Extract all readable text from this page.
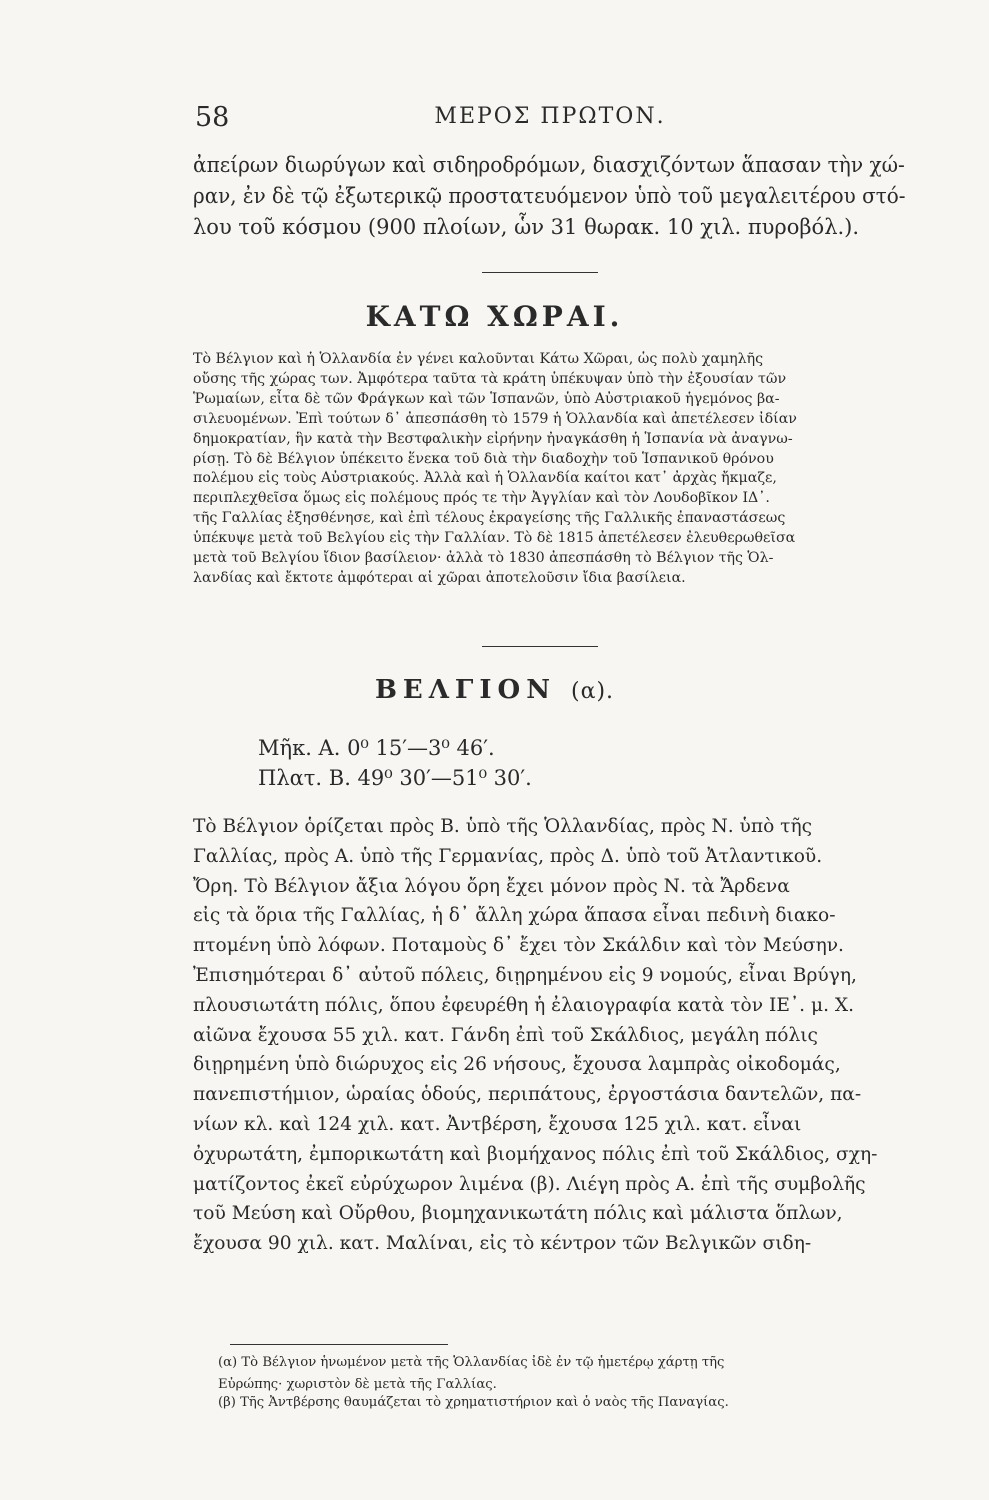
58	ΜΕΡΟΣ ΠΡΩΤΟΝ.
ἀπείρων διωρύγων καὶ σιδηροδρόμων, διασχιζόντων ἅπασαν τὴν χώ-
ραν, ἐν δὲ τῷ ἐξωτερικῷ προστατευόμενον ὑπὸ τοῦ μεγαλειτέρου στό-
λου τοῦ κόσμου (900 πλοίων, ὧν 31 θωρακ. 10 χιλ. πυροβόλ.).
ΚΑΤΩ ΧΩΡΑΙ.
Τὸ Βέλγιον καὶ ἡ Ὁλλανδία ἐν γένει καλοῦνται Κάτω Χῶραι, ὡς πολὺ χαμηλῆς
οὔσης τῆς χώρας των. Ἀμφότερα ταῦτα τὰ κράτη ὑπέκυψαν ὑπὸ τὴν ἐξουσίαν τῶν
Ῥωμαίων, εἶτα δὲ τῶν Φράγκων καὶ τῶν Ἱσπανῶν, ὑπὸ Αὐστριακοῦ ἡγεμόνος βα-
σιλευομένων. Ἐπὶ τούτων δ᾽ ἀπεσπάσθη τὸ 1579 ἡ Ὁλλανδία καὶ ἀπετέλεσεν ἰδίαν
δημοκρατίαν, ἣν κατὰ τὴν Βεστφαλικὴν εἰρήνην ἠναγκάσθη ἡ Ἱσπανία νὰ ἀναγνω-
ρίσῃ. Τὸ δὲ Βέλγιον ὑπέκειτο ἕνεκα τοῦ διὰ τὴν διαδοχὴν τοῦ Ἱσπανικοῦ θρόνου
πολέμου εἰς τοὺς Αὐστριακούς. Ἀλλὰ καὶ ἡ Ὁλλανδία καίτοι κατ᾽ ἀρχὰς ἤκμαζε,
περιπλεχθεῖσα ὅμως εἰς πολέμους πρός τε τὴν Ἀγγλίαν καὶ τὸν Λουδοβῖκον ΙΔ᾽.
τῆς Γαλλίας ἐξησθένησε, καὶ ἐπὶ τέλους ἐκραγείσης τῆς Γαλλικῆς ἐπαναστάσεως
ὑπέκυψε μετὰ τοῦ Βελγίου εἰς τὴν Γαλλίαν. Τὸ δὲ 1815 ἀπετέλεσεν ἐλευθερωθεῖσα
μετὰ τοῦ Βελγίου ἴδιον βασίλειον· ἀλλὰ τὸ 1830 ἀπεσπάσθη τὸ Βέλγιον τῆς Ὁλ-
λανδίας καὶ ἔκτοτε ἀμφότεραι αἱ χῶραι ἀποτελοῦσιν ἴδια βασίλεια.
ΒΕΛΓΙΟΝ (α).
Μῆκ. Α. 0⁰ 15′—3⁰ 46′.
Πλατ. Β. 49⁰ 30′—51⁰ 30′.
Τὸ Βέλγιον ὁρίζεται πρὸς Β. ὑπὸ τῆς Ὁλλανδίας, πρὸς Ν. ὑπὸ τῆς
Γαλλίας, πρὸς Α. ὑπὸ τῆς Γερμανίας, πρὸς Δ. ὑπὸ τοῦ Ἀτλαντικοῦ.
Ὄρη. Τὸ Βέλγιον ἄξια λόγου ὄρη ἔχει μόνον πρὸς Ν. τὰ Ἄρδενα
εἰς τὰ ὅρια τῆς Γαλλίας, ἡ δ᾽ ἄλλη χώρα ἅπασα εἶναι πεδινὴ διακο-
πτομένη ὑπὸ λόφων. Ποταμοὺς δ᾽ ἔχει τὸν Σκάλδιν καὶ τὸν Μεύσην.
Ἐπισημότεραι δ᾽ αὐτοῦ πόλεις, διῃρημένου εἰς 9 νομούς, εἶναι Βρύγη,
πλουσιωτάτη πόλις, ὅπου ἐφευρέθη ἡ ἐλαιογραφία κατὰ τὸν ΙΕ᾽. μ. Χ.
αἰῶνα ἔχουσα 55 χιλ. κατ. Γάνδη ἐπὶ τοῦ Σκάλδιος, μεγάλη πόλις
διῃρημένη ὑπὸ διώρυχος εἰς 26 νήσους, ἔχουσα λαμπρὰς οἰκοδομάς,
πανεπιστήμιον, ὡραίας ὁδούς, περιπάτους, ἐργοστάσια δαντελῶν, πα-
νίων κλ. καὶ 124 χιλ. κατ. Ἀντβέρση, ἔχουσα 125 χιλ. κατ. εἶναι
ὀχυρωτάτη, ἐμπορικωτάτη καὶ βιομήχανος πόλις ἐπὶ τοῦ Σκάλδιος, σχη-
ματίζοντος ἐκεῖ εὐρύχωρον λιμένα (β). Λιέγη πρὸς Α. ἐπὶ τῆς συμβολῆς
τοῦ Μεύση καὶ Οὔρθου, βιομηχανικωτάτη πόλις καὶ μάλιστα ὅπλων,
ἔχουσα 90 χιλ. κατ. Μαλίναι, εἰς τὸ κέντρον τῶν Βελγικῶν σιδη-
(α) Τὸ Βέλγιον ἡνωμένον μετὰ τῆς Ὁλλανδίας ἰδὲ ἐν τῷ ἡμετέρῳ χάρτῃ τῆς
Εὐρώπης· χωριστὸν δὲ μετὰ τῆς Γαλλίας.
(β) Τῆς Ἀντβέρσης θαυμάζεται τὸ χρηματιστήριον καὶ ὁ ναὸς τῆς Παναγίας.
